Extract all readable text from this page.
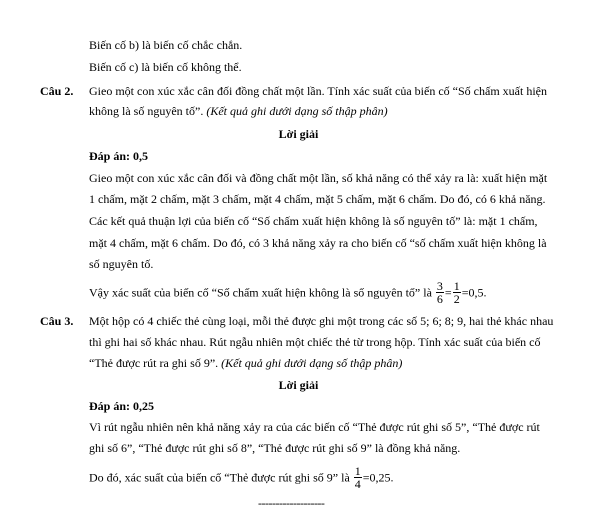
Biến cố b) là biến cố chắc chắn.
Biến cố c) là biến cố không thể.
Câu 2. Gieo một con xúc xắc cân đối đồng chất một lần. Tính xác suất của biến cố “Số chấm xuất hiện
không là số nguyên tố”. (Kết quả ghi dưới dạng số thập phân)
Lời giải
Đáp án: 0,5
Gieo một con xúc xắc cân đối và đồng chất một lần, số khả năng có thể xảy ra là: xuất hiện mặt
1 chấm, mặt 2 chấm, mặt 3 chấm, mặt 4 chấm, mặt 5 chấm, mặt 6 chấm. Do đó, có 6 khả năng.
Các kết quả thuận lợi của biến cố “Số chấm xuất hiện không là số nguyên tố” là: mặt 1 chấm,
mặt 4 chấm, mặt 6 chấm. Do đó, có 3 khả năng xảy ra cho biến cố “số chấm xuất hiện không là
số nguyên tố.
Vậy xác suất của biến cố “Số chấm xuất hiện không là số nguyên tố” là $\frac{3}{6} = \frac{1}{2} =0,5$.
Câu 3. Một hộp có 4 chiếc thẻ cùng loại, mỗi thẻ được ghi một trong các số 5; 6; 8; 9, hai thẻ khác nhau
thì ghi hai số khác nhau. Rút ngẫu nhiên một chiếc thẻ từ trong hộp. Tính xác suất của biến cố
“Thẻ được rút ra ghi số 9”. (Kết quả ghi dưới dạng số thập phân)
Lời giải
Đáp án: 0,25
Vì rút ngẫu nhiên nên khả năng xảy ra của các biến cố “Thẻ được rút ghi số 5”, “Thẻ được rút
ghi số 6”, “Thẻ được rút ghi số 8”, “Thẻ được rút ghi số 9” là đồng khả năng.
Do đó, xác suất của biến cố “Thẻ được rút ghi số 9” là $\frac{1}{4} =0,25$.
-------------------
